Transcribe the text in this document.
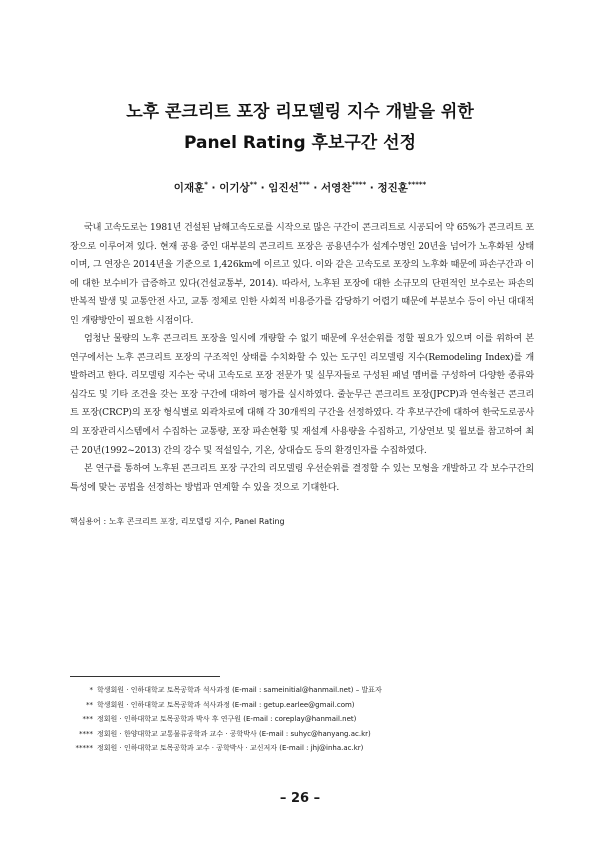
노후 콘크리트 포장 리모델링 지수 개발을 위한
Panel Rating 후보구간 선정
이재훈* · 이기상** · 임진선*** · 서영찬**** · 정진훈*****

국내 고속도로는 1981년 건설된 남해고속도로를 시작으로 많은 구간이 콘크리트로 시공되어 약 65%가 콘크리트 포장으로 이루어져 있다. 현재 공용 중인 대부분의 콘크리트 포장은 공용년수가 설계수명인 20년을 넘어가 노후화된 상태이며, 그 연장은 2014년을 기준으로 1,426km에 이르고 있다. 이와 같은 고속도로 포장의 노후화 때문에 파손구간과 이에 대한 보수비가 급증하고 있다(건설교통부, 2014). 따라서, 노후된 포장에 대한 소규모의 단편적인 보수로는 파손의 반복적 발생 및 교통안전 사고, 교통 정체로 인한 사회적 비용증가를 감당하기 어렵기 때문에 부분보수 등이 아닌 대대적인 개량방안이 필요한 시점이다.

엄청난 물량의 노후 콘크리트 포장을 일시에 개량할 수 없기 때문에 우선순위를 정할 필요가 있으며 이를 위하여 본 연구에서는 노후 콘크리트 포장의 구조적인 상태를 수치화할 수 있는 도구인 리모델링 지수(Remodeling Index)를 개발하려고 한다. 리모델링 지수는 국내 고속도로 포장 전문가 및 실무자들로 구성된 패널 멤버를 구성하여 다양한 종류와 심각도 및 기타 조건을 갖는 포장 구간에 대하여 평가를 실시하였다. 줄눈무근 콘크리트 포장(JPCP)과 연속철근 콘크리트 포장(CRCP)의 포장 형식별로 외곽차로에 대해 각 30개씩의 구간을 선정하였다. 각 후보구간에 대하여 한국도로공사의 포장관리시스템에서 수집하는 교통량, 포장 파손현황 및 재설계 사용량을 수집하고, 기상연보 및 월보를 참고하여 최근 20년(1992~2013) 간의 강수 및 적설일수, 기온, 상대습도 등의 환경인자를 수집하였다.

본 연구를 통하여 노후된 콘크리트 포장 구간의 리모델링 우선순위를 결정할 수 있는 모형을 개발하고 각 보수구간의 특성에 맞는 공법을 선정하는 방법과 연계할 수 있을 것으로 기대한다.

핵심용어 : 노후 콘크리트 포장, 리모델링 지수, Panel Rating
* 학생회원 · 인하대학교 토목공학과 석사과정 (E-mail : sameinitial@hanmail.net) – 발표자
** 학생회원 · 인하대학교 토목공학과 석사과정 (E-mail : getup.earlee@gmail.com)
*** 정회원 · 인하대학교 토목공학과 박사 후 연구원 (E-mail : coreplay@hanmail.net)
**** 정회원 · 한양대학교 교통물류공학과 교수 · 공학박사 (E-mail : suhyc@hanyang.ac.kr)
***** 정회원 · 인하대학교 토목공학과 교수 · 공학박사 · 교신저자 (E-mail : jhj@inha.ac.kr)
– 26 –
